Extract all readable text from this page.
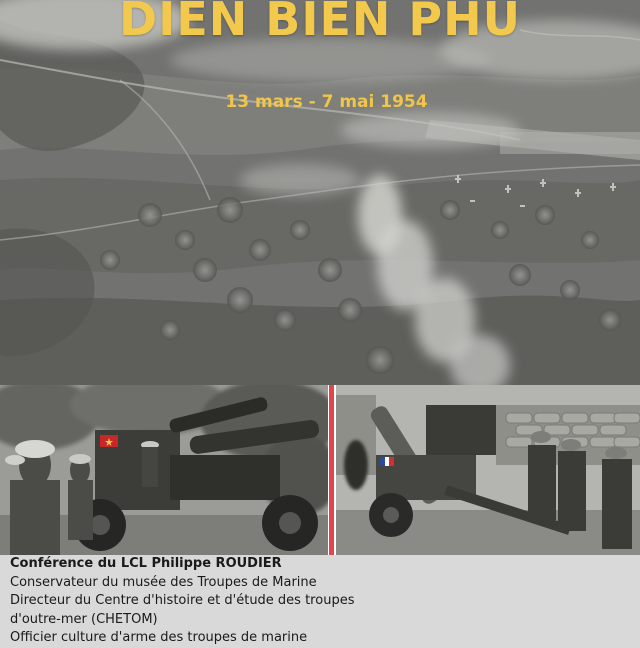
DIEN BIEN PHU
13 mars - 7 mai 1954
Conférence du LCL Philippe ROUDIER
Conservateur du musée des Troupes de Marine
Directeur du Centre d'histoire et d'étude des troupes
d'outre-mer (CHETOM)
Officier culture d'arme des troupes de marine
